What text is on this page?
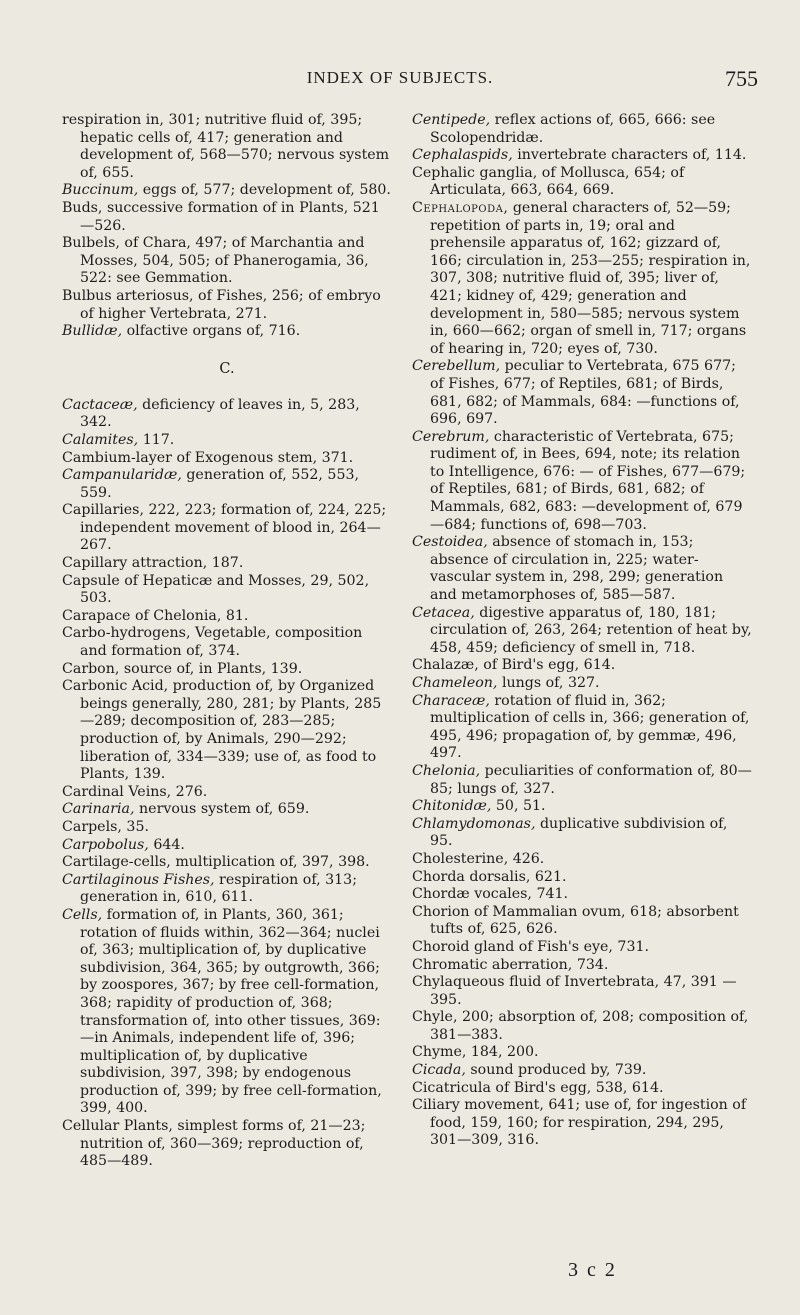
INDEX OF SUBJECTS.	755

respiration in, 301; nutritive fluid of, 395; hepatic cells of, 417; generation and development of, 568—570; nervous system of, 655.

Buccinum, eggs of, 577; development of, 580.

Buds, successive formation of in Plants, 521—526.

Bulbels, of Chara, 497; of Marchantia and Mosses, 504, 505; of Phanerogamia, 36, 522: see Gemmation.

Bulbus arteriosus, of Fishes, 256; of embryo of higher Vertebrata, 271.

Bullidæ, olfactive organs of, 716.

C.

Cactaceæ, deficiency of leaves in, 5, 283, 342.

Calamites, 117.

Cambium-layer of Exogenous stem, 371.

Campanularidæ, generation of, 552, 553, 559.

Capillaries, 222, 223; formation of, 224, 225; independent movement of blood in, 264—267.

Capillary attraction, 187.

Capsule of Hepaticæ and Mosses, 29, 502, 503.

Carapace of Chelonia, 81.

Carbo-hydrogens, Vegetable, composition and formation of, 374.

Carbon, source of, in Plants, 139.

Carbonic Acid, production of, by Organized beings generally, 280, 281; by Plants, 285—289; decomposition of, 283—285; production of, by Animals, 290—292; liberation of, 334—339; use of, as food to Plants, 139.

Cardinal Veins, 276.

Carinaria, nervous system of, 659.

Carpels, 35.

Carpobolus, 644.

Cartilage-cells, multiplication of, 397, 398.

Cartilaginous Fishes, respiration of, 313; generation in, 610, 611.

Cells, formation of, in Plants, 360, 361; rotation of fluids within, 362—364; nuclei of, 363; multiplication of, by duplicative subdivision, 364, 365; by outgrowth, 366; by zoospores, 367; by free cell-formation, 368; rapidity of production of, 368; transformation of, into other tissues, 369:—in Animals, independent life of, 396; multiplication of, by duplicative subdivision, 397, 398; by endogenous production of, 399; by free cell-formation, 399, 400.

Cellular Plants, simplest forms of, 21—23; nutrition of, 360—369; reproduction of, 485—489.

Centipede, reflex actions of, 665, 666: see Scolopendridæ.

Cephalaspids, invertebrate characters of, 114.

Cephalic ganglia, of Mollusca, 654; of Articulata, 663, 664, 669.

Cephalopoda, general characters of, 52—59; repetition of parts in, 19; oral and prehensile apparatus of, 162; gizzard of, 166; circulation in, 253—255; respiration in, 307, 308; nutritive fluid of, 395; liver of, 421; kidney of, 429; generation and development in, 580—585; nervous system in, 660—662; organ of smell in, 717; organs of hearing in, 720; eyes of, 730.

Cerebellum, peculiar to Vertebrata, 675 677; of Fishes, 677; of Reptiles, 681; of Birds, 681, 682; of Mammals, 684: —functions of, 696, 697.

Cerebrum, characteristic of Vertebrata, 675; rudiment of, in Bees, 694, note; its relation to Intelligence, 676: — of Fishes, 677—679; of Reptiles, 681; of Birds, 681, 682; of Mammals, 682, 683: —development of, 679—684; functions of, 698—703.

Cestoidea, absence of stomach in, 153; absence of circulation in, 225; water-vascular system in, 298, 299; generation and metamorphoses of, 585—587.

Cetacea, digestive apparatus of, 180, 181; circulation of, 263, 264; retention of heat by, 458, 459; deficiency of smell in, 718.

Chalazæ, of Bird's egg, 614.

Chameleon, lungs of, 327.

Characeæ, rotation of fluid in, 362; multiplication of cells in, 366; generation of, 495, 496; propagation of, by gemmæ, 496, 497.

Chelonia, peculiarities of conformation of, 80—85; lungs of, 327.

Chitonidæ, 50, 51.

Chlamydomonas, duplicative subdivision of, 95.

Cholesterine, 426.

Chorda dorsalis, 621.

Chordæ vocales, 741.

Chorion of Mammalian ovum, 618; absorbent tufts of, 625, 626.

Choroid gland of Fish's eye, 731.

Chromatic aberration, 734.

Chylaqueous fluid of Invertebrata, 47, 391 —395.

Chyle, 200; absorption of, 208; composition of, 381—383.

Chyme, 184, 200.

Cicada, sound produced by, 739.

Cicatricula of Bird's egg, 538, 614.

Ciliary movement, 641; use of, for ingestion of food, 159, 160; for respiration, 294, 295, 301—309, 316.

3 c 2
